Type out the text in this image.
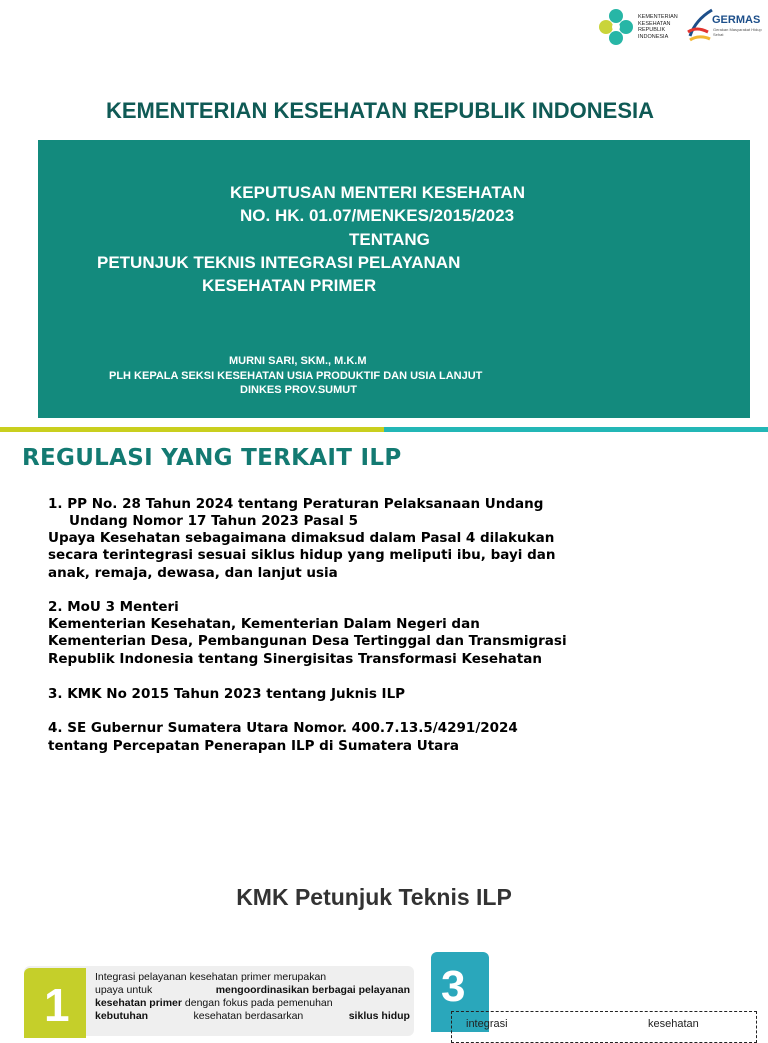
KEMENTERIAN
KESEHATAN
REPUBLIK
INDONESIA
GERMAS
Gerakan Masyarakat Hidup Sehat
KEMENTERIAN KESEHATAN REPUBLIK INDONESIA
KEPUTUSAN MENTERI KESEHATAN
NO. HK. 01.07/MENKES/2015/2023
TENTANG
PETUNJUK TEKNIS INTEGRASI PELAYANAN
KESEHATAN PRIMER
MURNI SARI, SKM., M.K.M
PLH KEPALA SEKSI KESEHATAN USIA PRODUKTIF DAN USIA LANJUT
DINKES PROV.SUMUT
REGULASI YANG TERKAIT ILP
1. PP No. 28 Tahun 2024 tentang Peraturan Pelaksanaan Undang
Undang Nomor 17 Tahun 2023 Pasal 5
Upaya Kesehatan sebagaimana dimaksud dalam Pasal 4 dilakukan
secara terintegrasi sesuai siklus hidup yang meliputi ibu, bayi dan
anak, remaja, dewasa, dan lanjut usia
2. MoU 3 Menteri
Kementerian Kesehatan, Kementerian Dalam Negeri dan
Kementerian Desa, Pembangunan Desa Tertinggal dan Transmigrasi
Republik Indonesia tentang Sinergisitas Transformasi Kesehatan
3. KMK No 2015 Tahun 2023 tentang Juknis ILP
4. SE Gubernur Sumatera Utara Nomor. 400.7.13.5/4291/2024
tentang Percepatan Penerapan ILP di Sumatera Utara
KMK Petunjuk Teknis ILP
1

Integrasi pelayanan kesehatan primer merupakan

upaya untuk	mengoordinasikan berbagai pelayanan

kesehatan primer dengan fokus pada pemenuhan

kebutuhan	kesehatan berdasarkan	siklus hidup

3
integrasi	kesehatan
